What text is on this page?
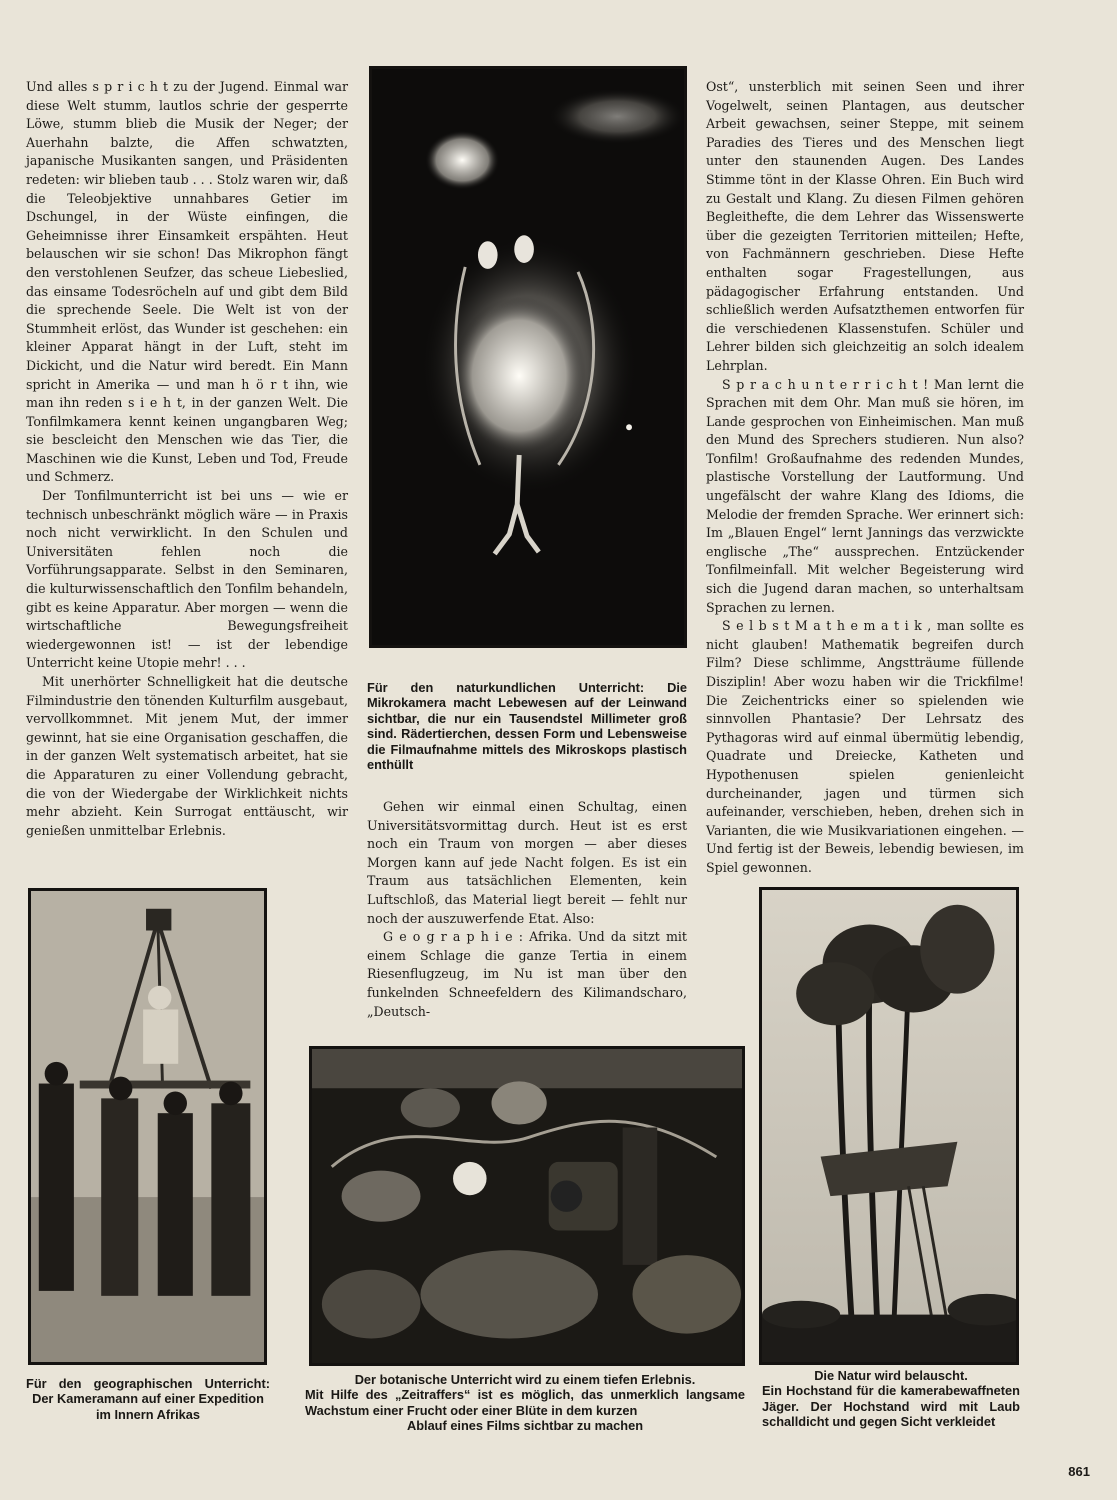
Und alles s p r i c h t zu der Jugend. Einmal war diese Welt stumm, lautlos schrie der gesperrte Löwe, stumm blieb die Musik der Neger; der Auerhahn balzte, die Affen schwatzten, japanische Musikanten sangen, und Präsidenten redeten: wir blieben taub . . . Stolz waren wir, daß die Teleobjektive unnahbares Getier im Dschungel, in der Wüste einfingen, die Geheimnisse ihrer Einsamkeit erspähten. Heut belauschen wir sie schon! Das Mikrophon fängt den verstohlenen Seufzer, das scheue Liebeslied, das einsame Todesröcheln auf und gibt dem Bild die sprechende Seele. Die Welt ist von der Stummheit erlöst, das Wunder ist geschehen: ein kleiner Apparat hängt in der Luft, steht im Dickicht, und die Natur wird beredt. Ein Mann spricht in Amerika — und man h ö r t ihn, wie man ihn reden s i e h t, in der ganzen Welt. Die Tonfilmkamera kennt keinen ungangbaren Weg; sie bescleicht den Menschen wie das Tier, die Maschinen wie die Kunst, Leben und Tod, Freude und Schmerz.

Der Tonfilmunterricht ist bei uns — wie er technisch unbeschränkt möglich wäre — in Praxis noch nicht verwirklicht. In den Schulen und Universitäten fehlen noch die Vorführungsapparate. Selbst in den Seminaren, die kulturwissenschaftlich den Tonfilm behandeln, gibt es keine Apparatur. Aber morgen — wenn die wirtschaftliche Bewegungsfreiheit wiedergewonnen ist! — ist der lebendige Unterricht keine Utopie mehr! . . .

Mit unerhörter Schnelligkeit hat die deutsche Filmindustrie den tönenden Kulturfilm ausgebaut, vervollkommnet. Mit jenem Mut, der immer gewinnt, hat sie eine Organisation geschaffen, die in der ganzen Welt systematisch arbeitet, hat sie die Apparaturen zu einer Vollendung gebracht, die von der Wiedergabe der Wirklichkeit nichts mehr abzieht. Kein Surrogat enttäuscht, wir genießen unmittelbar Erlebnis.

Für den naturkundlichen Unterricht: Die Mikrokamera macht Lebewesen auf der Leinwand sichtbar, die nur ein Tausendstel Millimeter groß sind. Rädertierchen, dessen Form und Lebensweise die Filmaufnahme mittels des Mikroskops plastisch enthüllt

Gehen wir einmal einen Schultag, einen Universitätsvormittag durch. Heut ist es erst noch ein Traum von morgen — aber dieses Morgen kann auf jede Nacht folgen. Es ist ein Traum aus tatsächlichen Elementen, kein Luftschloß, das Material liegt bereit — fehlt nur noch der auszuwerfende Etat. Also:

G e o g r a p h i e : Afrika. Und da sitzt mit einem Schlage die ganze Tertia in einem Riesenflugzeug, im Nu ist man über den funkelnden Schneefeldern des Kilimandscharo, „Deutsch-

Ost“, unsterblich mit seinen Seen und ihrer Vogelwelt, seinen Plantagen, aus deutscher Arbeit gewachsen, seiner Steppe, mit seinem Paradies des Tieres und des Menschen liegt unter den staunenden Augen. Des Landes Stimme tönt in der Klasse Ohren. Ein Buch wird zu Gestalt und Klang. Zu diesen Filmen gehören Begleithefte, die dem Lehrer das Wissenswerte über die gezeigten Territorien mitteilen; Hefte, von Fachmännern geschrieben. Diese Hefte enthalten sogar Fragestellungen, aus pädagogischer Erfahrung entstanden. Und schließlich werden Aufsatzthemen entworfen für die verschiedenen Klassenstufen. Schüler und Lehrer bilden sich gleichzeitig an solch idealem Lehrplan.

S p r a c h u n t e r r i c h t ! Man lernt die Sprachen mit dem Ohr. Man muß sie hören, im Lande gesprochen von Einheimischen. Man muß den Mund des Sprechers studieren. Nun also? Tonfilm! Großaufnahme des redenden Mundes, plastische Vorstellung der Lautformung. Und ungefälscht der wahre Klang des Idioms, die Melodie der fremden Sprache. Wer erinnert sich: Im „Blauen Engel“ lernt Jannings das verzwickte englische „The“ aussprechen. Entzückender Tonfilmeinfall. Mit welcher Begeisterung wird sich die Jugend daran machen, so unterhaltsam Sprachen zu lernen.

S e l b s t M a t h e m a t i k , man sollte es nicht glauben! Mathematik begreifen durch Film? Diese schlimme, Angstträume füllende Disziplin! Aber wozu haben wir die Trickfilme! Die Zeichentricks einer so spielenden wie sinnvollen Phantasie? Der Lehrsatz des Pythagoras wird auf einmal übermütig lebendig, Quadrate und Dreiecke, Katheten und Hypothenusen spielen genienleicht durcheinander, jagen und türmen sich aufeinander, verschieben, heben, drehen sich in Varianten, die wie Musikvariationen eingehen. — Und fertig ist der Beweis, lebendig bewiesen, im Spiel gewonnen.

Für den geographischen Unterricht:
Der Kameramann auf einer Expedition
im Innern Afrikas
Der botanische Unterricht wird zu einem tiefen Erlebnis.
Mit Hilfe des „Zeitraffers“ ist es möglich, das unmerklich langsame Wachstum einer Frucht oder einer Blüte in dem kurzen
Ablauf eines Films sichtbar zu machen
Die Natur wird belauscht.
Ein Hochstand für die kamerabewaffneten Jäger. Der Hochstand wird mit Laub schalldicht und gegen Sicht verkleidet
861
